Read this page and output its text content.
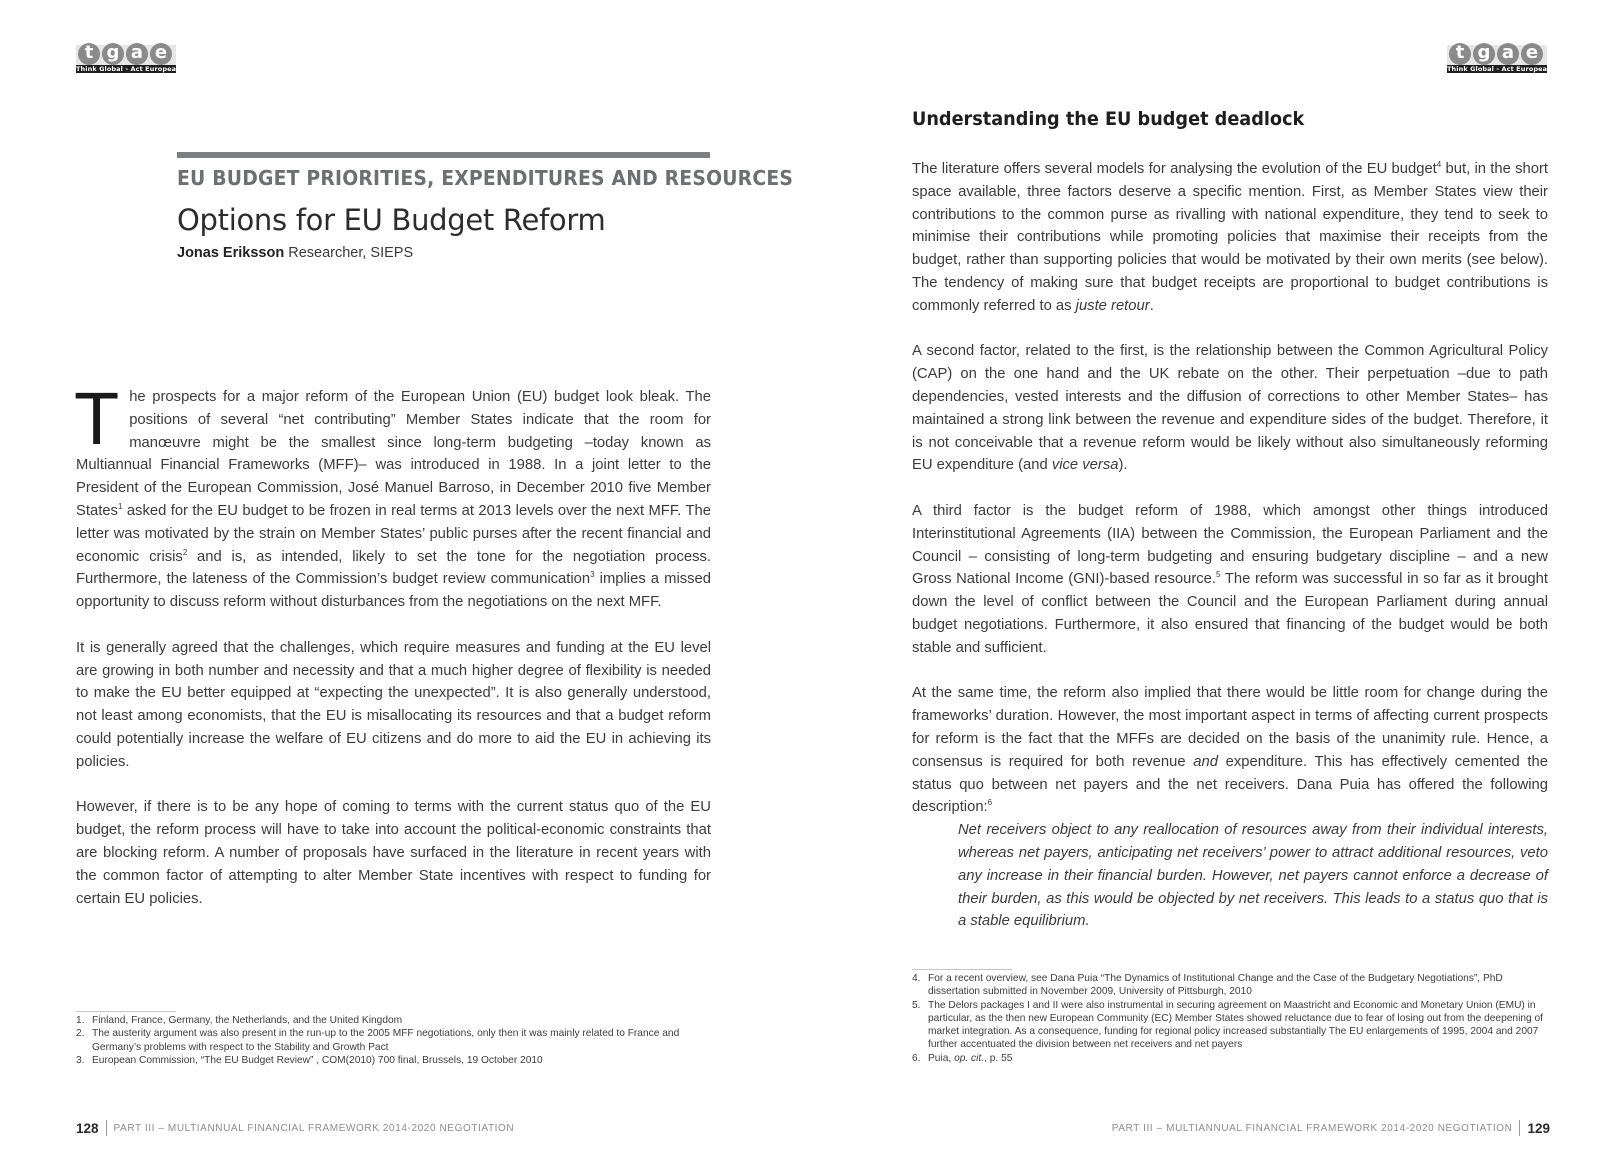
t g a e
Think Global - Act European
t g a e
Think Global - Act European
EU BUDGET PRIORITIES, EXPENDITURES AND RESOURCES
Options for EU Budget Reform
Jonas Eriksson Researcher, SIEPS

The prospects for a major reform of the European Union (EU) budget look bleak. The positions of several “net contributing” Member States indicate that the room for manœuvre might be the smallest since long-term budgeting –today known as Multiannual Financial Frameworks (MFF)– was introduced in 1988. In a joint letter to the President of the European Commission, José Manuel Barroso, in December 2010 five Member States$^1$ asked for the EU budget to be frozen in real terms at 2013 levels over the next MFF. The letter was motivated by the strain on Member States’ public purses after the recent financial and economic crisis$^2$ and is, as intended, likely to set the tone for the negotiation process. Furthermore, the lateness of the Commission’s budget review communication$^3$ implies a missed opportunity to discuss reform without disturbances from the negotiations on the next MFF.

It is generally agreed that the challenges, which require measures and funding at the EU level are growing in both number and necessity and that a much higher degree of flexibility is needed to make the EU better equipped at “expecting the unexpected”. It is also generally understood, not least among economists, that the EU is misallocating its resources and that a budget reform could potentially increase the welfare of EU citizens and do more to aid the EU in achieving its policies.

However, if there is to be any hope of coming to terms with the current status quo of the EU budget, the reform process will have to take into account the political-economic constraints that are blocking reform. A number of proposals have surfaced in the literature in recent years with the common factor of attempting to alter Member State incentives with respect to funding for certain EU policies.

1. Finland, France, Germany, the Netherlands, and the United Kingdom
2. The austerity argument was also present in the run-up to the 2005 MFF negotiations, only then it was mainly related to France and Germany’s problems with respect to the Stability and Growth Pact
3. European Commission, “The EU Budget Review” , COM(2010) 700 final, Brussels, 19 October 2010
128 PART III – MULTIANNUAL FINANCIAL FRAMEWORK 2014-2020 NEGOTIATION
Understanding the EU budget deadlock

The literature offers several models for analysing the evolution of the EU budget$^4$ but, in the short space available, three factors deserve a specific mention. First, as Member States view their contributions to the common purse as rivalling with national expenditure, they tend to seek to minimise their contributions while promoting policies that maximise their receipts from the budget, rather than supporting policies that would be motivated by their own merits (see below). The tendency of making sure that budget receipts are proportional to budget contributions is commonly referred to as juste retour.

A second factor, related to the first, is the relationship between the Common Agricultural Policy (CAP) on the one hand and the UK rebate on the other. Their perpetuation –due to path dependencies, vested interests and the diffusion of corrections to other Member States– has maintained a strong link between the revenue and expenditure sides of the budget. Therefore, it is not conceivable that a revenue reform would be likely without also simultaneously reforming EU expenditure (and vice versa).

A third factor is the budget reform of 1988, which amongst other things introduced Interinstitutional Agreements (IIA) between the Commission, the European Parliament and the Council – consisting of long-term budgeting and ensuring budgetary discipline – and a new Gross National Income (GNI)-based resource.$^5$ The reform was successful in so far as it brought down the level of conflict between the Council and the European Parliament during annual budget negotiations. Furthermore, it also ensured that financing of the budget would be both stable and sufficient.

At the same time, the reform also implied that there would be little room for change during the frameworks’ duration. However, the most important aspect in terms of affecting current prospects for reform is the fact that the MFFs are decided on the basis of the unanimity rule. Hence, a consensus is required for both revenue and expenditure. This has effectively cemented the status quo between net payers and the net receivers. Dana Puia has offered the following description:$^6$

Net receivers object to any reallocation of resources away from their individual interests, whereas net payers, anticipating net receivers’ power to attract additional resources, veto any increase in their financial burden. However, net payers cannot enforce a decrease of their burden, as this would be objected by net receivers. This leads to a status quo that is a stable equilibrium.

4. For a recent overview, see Dana Puia “The Dynamics of Institutional Change and the Case of the Budgetary Negotiations”, PhD dissertation submitted in November 2009, University of Pittsburgh, 2010
5. The Delors packages I and II were also instrumental in securing agreement on Maastricht and Economic and Monetary Union (EMU) in particular, as the then new European Community (EC) Member States showed reluctance due to fear of losing out from the deepening of market integration. As a consequence, funding for regional policy increased substantially The EU enlargements of 1995, 2004 and 2007 further accentuated the division between net receivers and net payers
6. Puia, op. cit., p. 55
PART III – MULTIANNUAL FINANCIAL FRAMEWORK 2014-2020 NEGOTIATION 129
